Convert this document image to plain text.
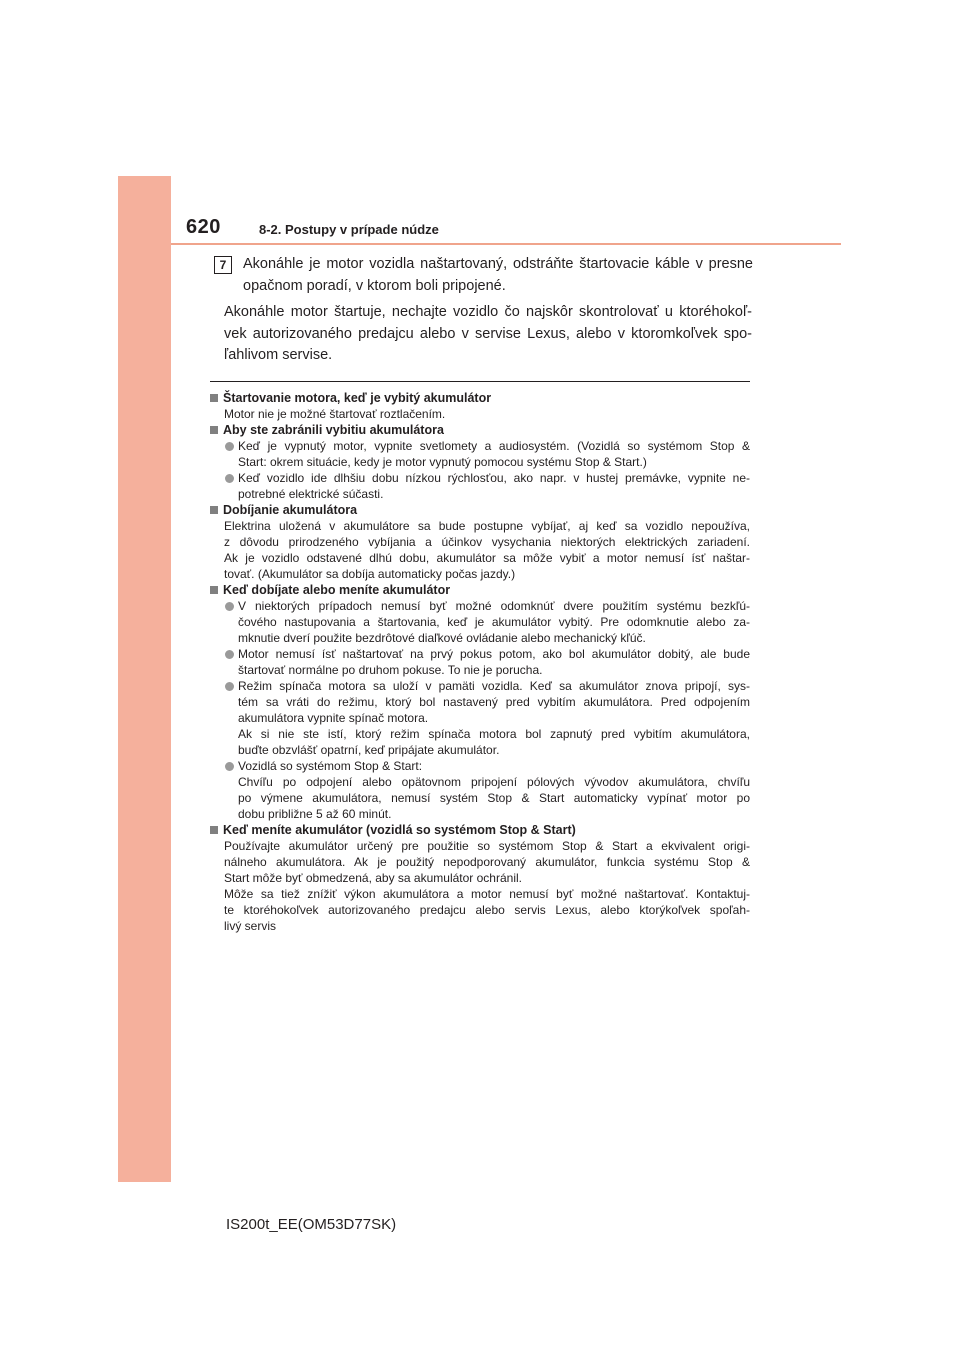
620	8-2. Postupy v prípade núdze
7	Akonáhle je motor vozidla naštartovaný, odstráňte štartovacie káble v presne
opačnom poradí, v ktorom boli pripojené.
Akonáhle motor štartuje, nechajte vozidlo čo najskôr skontrolovať u ktoréhokoľ-
vek autorizovaného predajcu alebo v servise Lexus, alebo v ktoromkoľvek spo-
ľahlivom servise.

Štartovanie motora, keď je vybitý akumulátor

Motor nie je možné štartovať roztlačením.

Aby ste zabránili vybitiu akumulátora

Keď je vypnutý motor, vypnite svetlomety a audiosystém. (Vozidlá so systémom Stop &
Start: okrem situácie, kedy je motor vypnutý pomocou systému Stop & Start.)

Keď vozidlo ide dlhšiu dobu nízkou rýchlosťou, ako napr. v hustej premávke, vypnite ne-
potrebné elektrické súčasti.

Dobíjanie akumulátora

Elektrina uložená v akumulátore sa bude postupne vybíjať, aj keď sa vozidlo nepoužíva,
z dôvodu prirodzeného vybíjania a účinkov vysychania niektorých elektrických zariadení.
Ak je vozidlo odstavené dlhú dobu, akumulátor sa môže vybiť a motor nemusí ísť naštar-
tovať. (Akumulátor sa dobíja automaticky počas jazdy.)

Keď dobíjate alebo meníte akumulátor

V niektorých prípadoch nemusí byť možné odomknúť dvere použitím systému bezkľú-
čového nastupovania a štartovania, keď je akumulátor vybitý. Pre odomknutie alebo za-
mknutie dverí použite bezdrôtové diaľkové ovládanie alebo mechanický kľúč.

Motor nemusí ísť naštartovať na prvý pokus potom, ako bol akumulátor dobitý, ale bude
štartovať normálne po druhom pokuse. To nie je porucha.

Režim spínača motora sa uloží v pamäti vozidla. Keď sa akumulátor znova pripojí, sys-
tém sa vráti do režimu, ktorý bol nastavený pred vybitím akumulátora. Pred odpojením
akumulátora vypnite spínač motora.
Ak si nie ste istí, ktorý režim spínača motora bol zapnutý pred vybitím akumulátora,
buďte obzvlášť opatrní, keď pripájate akumulátor.

Vozidlá so systémom Stop & Start:
Chvíľu po odpojení alebo opätovnom pripojení pólových vývodov akumulátora, chvíľu
po výmene akumulátora, nemusí systém Stop & Start automaticky vypínať motor po
dobu približne 5 až 60 minút.

Keď meníte akumulátor (vozidlá so systémom Stop & Start)

Používajte akumulátor určený pre použitie so systémom Stop & Start a ekvivalent origi-
nálneho akumulátora. Ak je použitý nepodporovaný akumulátor, funkcia systému Stop &
Start môže byť obmedzená, aby sa akumulátor ochránil.
Môže sa tiež znížiť výkon akumulátora a motor nemusí byť možné naštartovať. Kontaktuj-
te ktoréhokoľvek autorizovaného predajcu alebo servis Lexus, alebo ktorýkoľvek spoľah-
livý servis

IS200t_EE(OM53D77SK)
